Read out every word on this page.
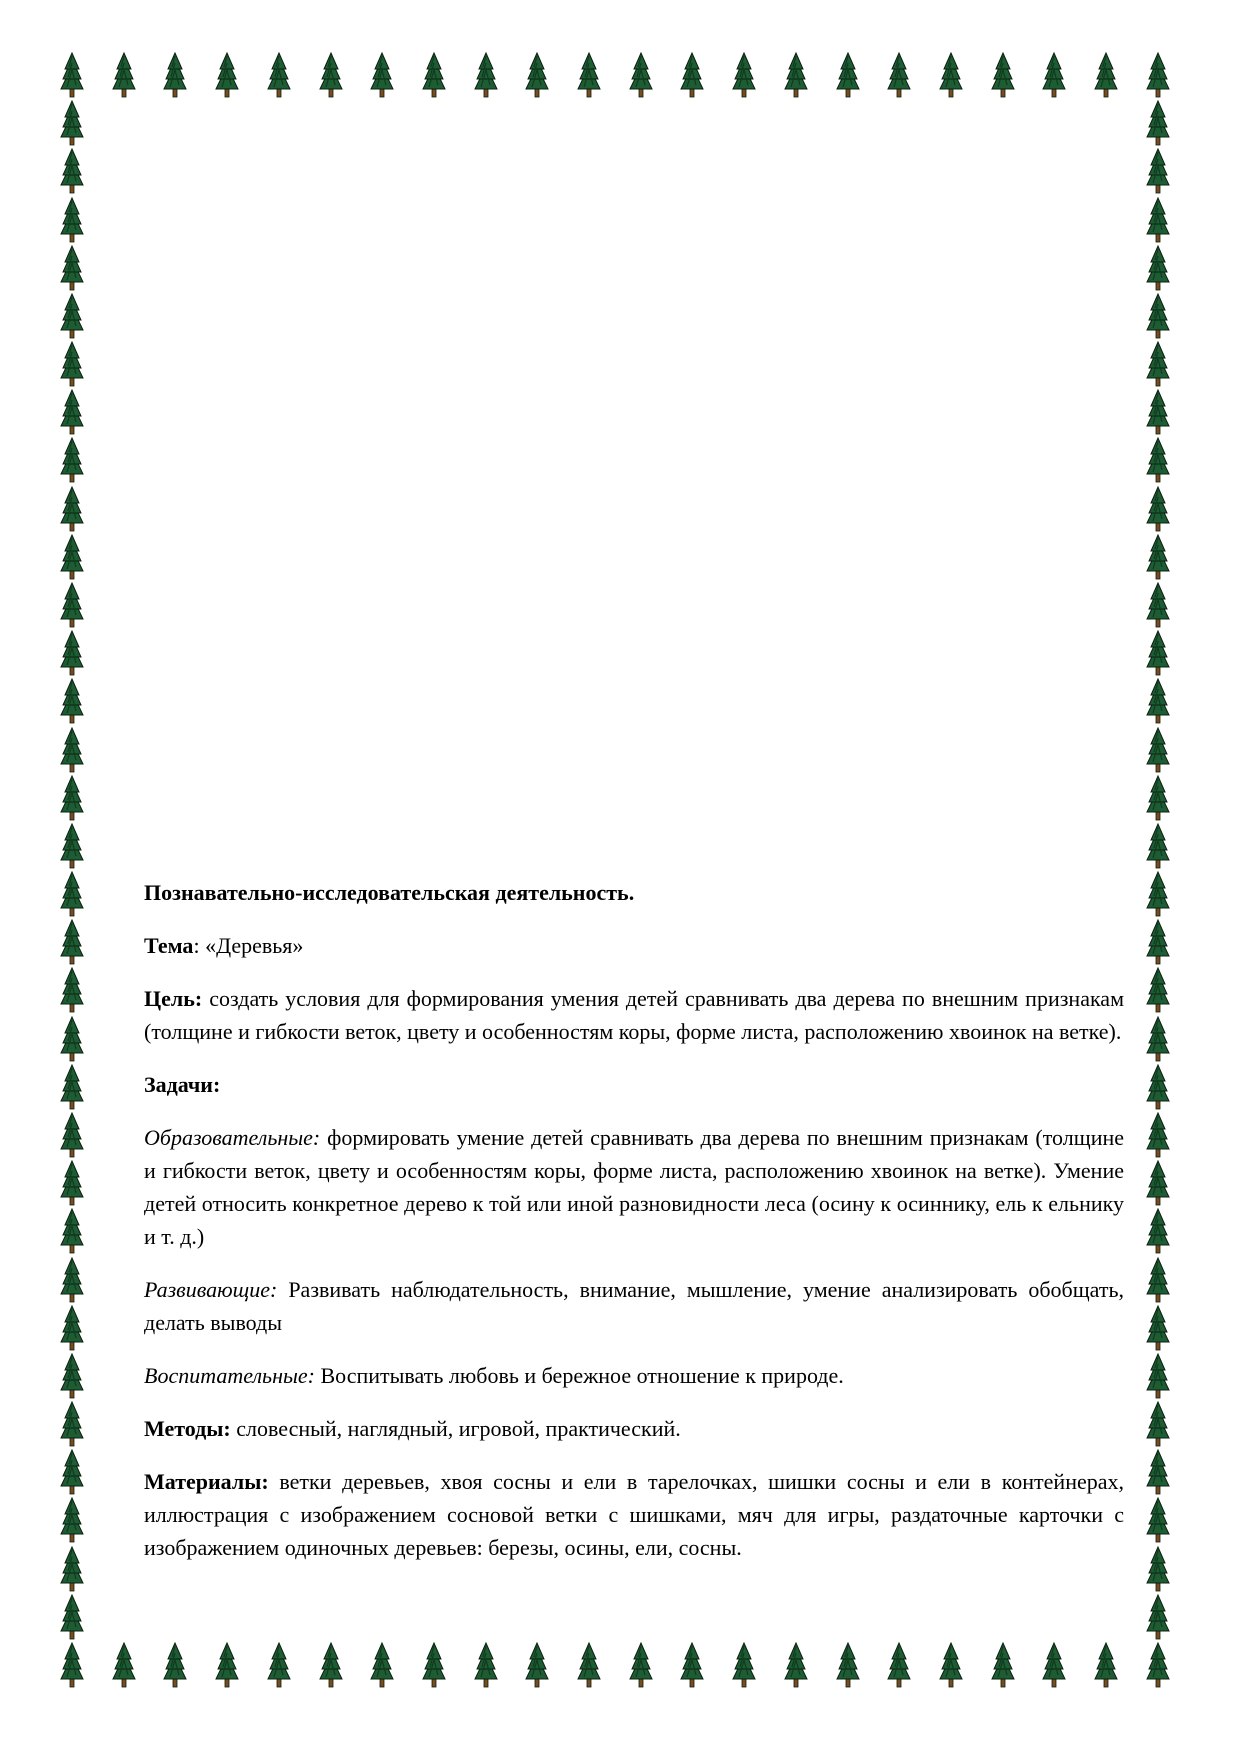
Познавательно-исследовательская деятельность.

Тема: «Деревья»

Цель: создать условия для формирования умения детей сравнивать два дерева по внешним признакам (толщине и гибкости веток, цвету и особенностям коры, форме листа, расположению хвоинок на ветке).

Задачи:

Образовательные: формировать умение детей сравнивать два дерева по внешним признакам (толщине и гибкости веток, цвету и особенностям коры, форме листа, расположению хвоинок на ветке). Умение детей относить конкретное дерево к той или иной разновидности леса (осину к осиннику, ель к ельнику и т. д.)

Развивающие: Развивать наблюдательность, внимание, мышление, умение анализировать обобщать, делать выводы

Воспитательные: Воспитывать любовь и бережное отношение к природе.

Методы: словесный, наглядный, игровой, практический.

Материалы: ветки деревьев, хвоя сосны и ели в тарелочках, шишки сосны и ели в контейнерах, иллюстрация с изображением сосновой ветки с шишками, мяч для игры, раздаточные карточки с изображением одиночных деревьев: березы, осины, ели, сосны.
